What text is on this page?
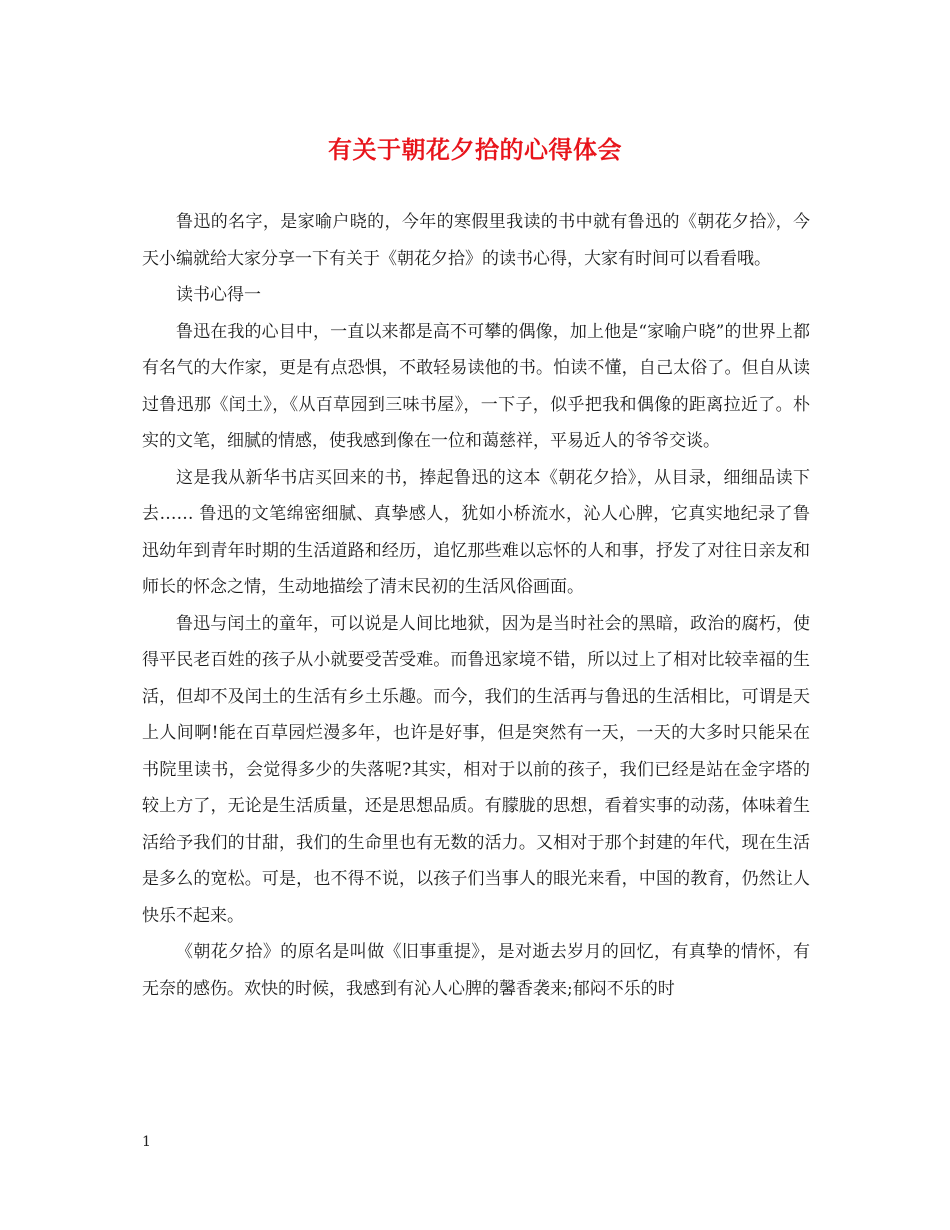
有关于朝花夕拾的心得体会

鲁迅的名字，是家喻户晓的，今年的寒假里我读的书中就有鲁迅的《朝花夕拾》，今天小编就给大家分享一下有关于《朝花夕拾》的读书心得，大家有时间可以看看哦。

读书心得一

鲁迅在我的心目中，一直以来都是高不可攀的偶像，加上他是“家喻户晓”的世界上都有名气的大作家，更是有点恐惧，不敢轻易读他的书。怕读不懂，自己太俗了。但自从读过鲁迅那《闰土》，《从百草园到三味书屋》，一下子，似乎把我和偶像的距离拉近了。朴实的文笔，细腻的情感，使我感到像在一位和蔼慈祥，平易近人的爷爷交谈。

这是我从新华书店买回来的书，捧起鲁迅的这本《朝花夕拾》，从目录，细细品读下去…… 鲁迅的文笔绵密细腻、真挚感人，犹如小桥流水，沁人心脾，它真实地纪录了鲁迅幼年到青年时期的生活道路和经历，追忆那些难以忘怀的人和事，抒发了对往日亲友和师长的怀念之情，生动地描绘了清末民初的生活风俗画面。

鲁迅与闰土的童年，可以说是人间比地狱，因为是当时社会的黑暗，政治的腐朽，使得平民老百姓的孩子从小就要受苦受难。而鲁迅家境不错，所以过上了相对比较幸福的生活，但却不及闰土的生活有乡土乐趣。而今，我们的生活再与鲁迅的生活相比，可谓是天上人间啊!能在百草园烂漫多年，也许是好事，但是突然有一天，一天的大多时只能呆在书院里读书，会觉得多少的失落呢?其实，相对于以前的孩子，我们已经是站在金字塔的较上方了，无论是生活质量，还是思想品质。有朦胧的思想，看着实事的动荡，体味着生活给予我们的甘甜，我们的生命里也有无数的活力。又相对于那个封建的年代，现在生活是多么的宽松。可是，也不得不说，以孩子们当事人的眼光来看，中国的教育，仍然让人快乐不起来。

《朝花夕拾》的原名是叫做《旧事重提》，是对逝去岁月的回忆，有真挚的情怀，有无奈的感伤。欢快的时候，我感到有沁人心脾的馨香袭来;郁闷不乐的时

1
